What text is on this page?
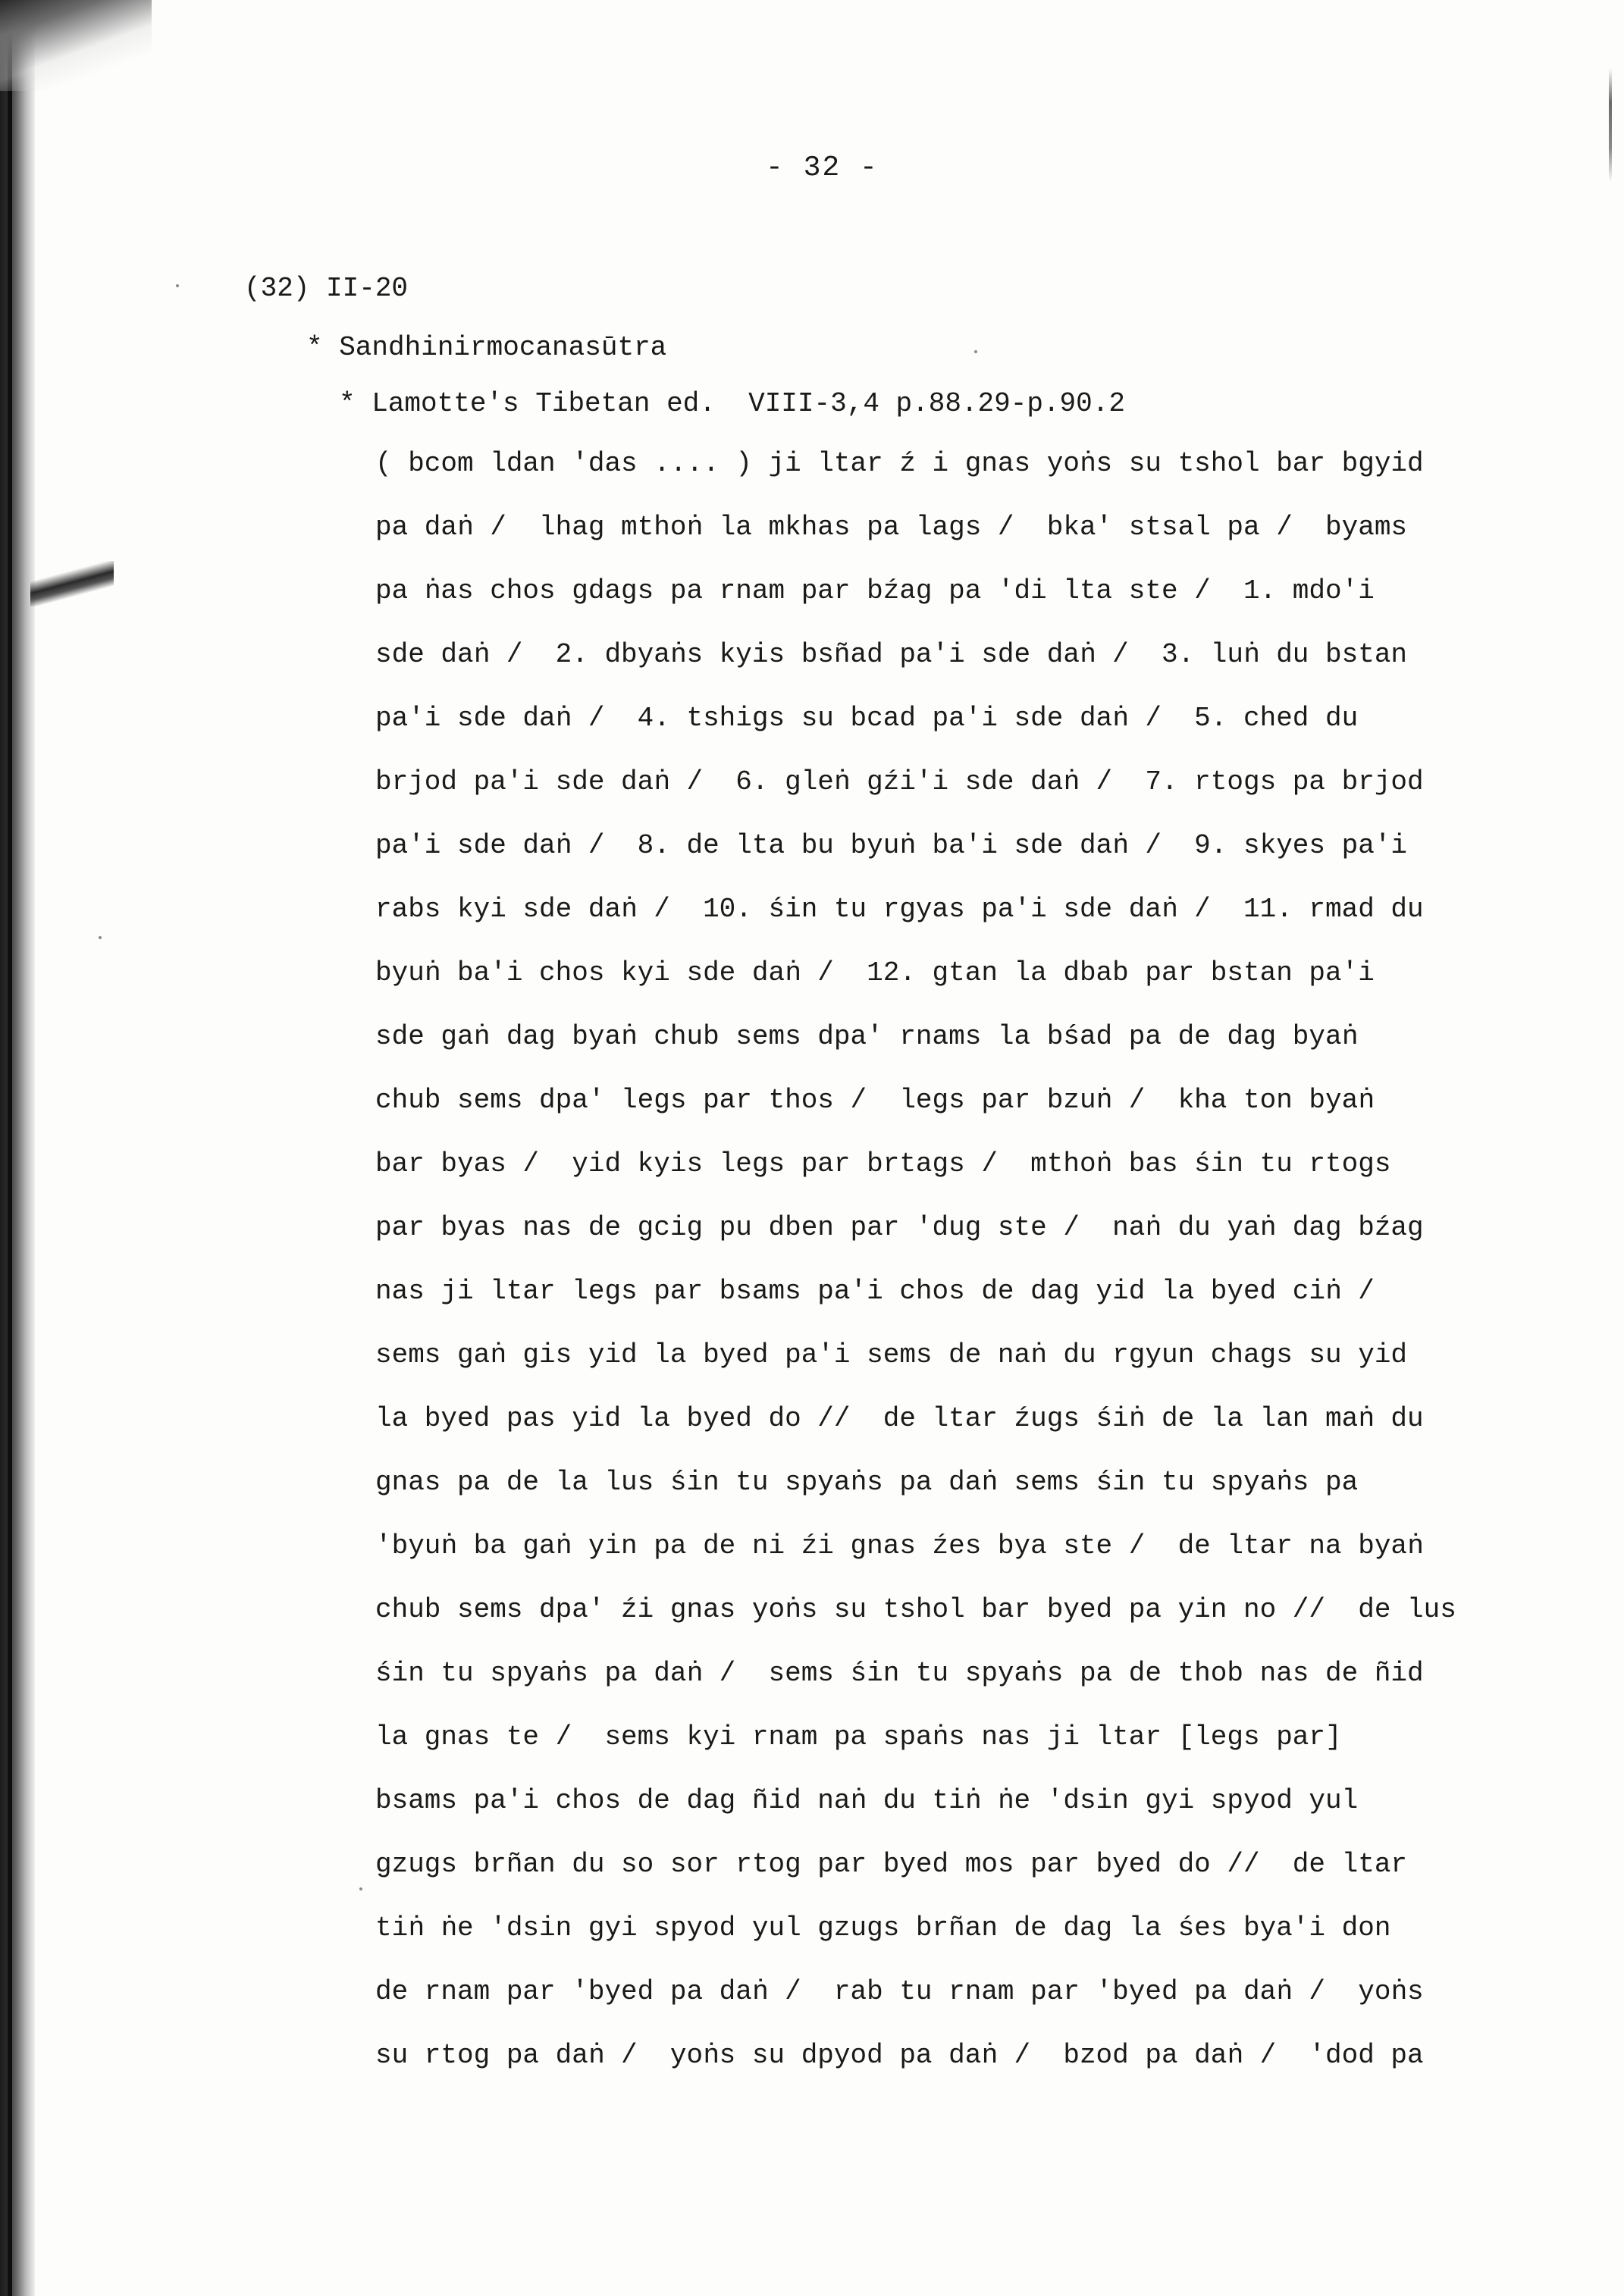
- 32 -
(32) II-20
* Sandhinirmocanasūtra
* Lamotte's Tibetan ed.  VIII-3,4 p.88.29-p.90.2
( bcom ldan 'das .... ) ji ltar ź i gnas yoṅs su tshol bar bgyid
pa daṅ /  lhag mthoṅ la mkhas pa lags /  bka' stsal pa /  byams
pa ṅas chos gdags pa rnam par bźag pa 'di lta ste /  1. mdo'i
sde daṅ /  2. dbyaṅs kyis bsñad pa'i sde daṅ /  3. luṅ du bstan
pa'i sde daṅ /  4. tshigs su bcad pa'i sde daṅ /  5. ched du
brjod pa'i sde daṅ /  6. gleṅ gźi'i sde daṅ /  7. rtogs pa brjod
pa'i sde daṅ /  8. de lta bu byuṅ ba'i sde daṅ /  9. skyes pa'i
rabs kyi sde daṅ /  10. śin tu rgyas pa'i sde daṅ /  11. rmad du
byuṅ ba'i chos kyi sde daṅ /  12. gtan la dbab par bstan pa'i
sde gaṅ dag byaṅ chub sems dpa' rnams la bśad pa de dag byaṅ
chub sems dpa' legs par thos /  legs par bzuṅ /  kha ton byaṅ
bar byas /  yid kyis legs par brtags /  mthoṅ bas śin tu rtogs
par byas nas de gcig pu dben par 'dug ste /  naṅ du yaṅ dag bźag
nas ji ltar legs par bsams pa'i chos de dag yid la byed ciṅ /
sems gaṅ gis yid la byed pa'i sems de naṅ du rgyun chags su yid
la byed pas yid la byed do //  de ltar źugs śiṅ de la lan maṅ du
gnas pa de la lus śin tu spyaṅs pa daṅ sems śin tu spyaṅs pa
'byuṅ ba gaṅ yin pa de ni źi gnas źes bya ste /  de ltar na byaṅ
chub sems dpa' źi gnas yoṅs su tshol bar byed pa yin no //  de lus
śin tu spyaṅs pa daṅ /  sems śin tu spyaṅs pa de thob nas de ñid
la gnas te /  sems kyi rnam pa spaṅs nas ji ltar [legs par]
bsams pa'i chos de dag ñid naṅ du tiṅ ṅe 'dsin gyi spyod yul
gzugs brñan du so sor rtog par byed mos par byed do //  de ltar
tiṅ ṅe 'dsin gyi spyod yul gzugs brñan de dag la śes bya'i don
de rnam par 'byed pa daṅ /  rab tu rnam par 'byed pa daṅ /  yoṅs
su rtog pa daṅ /  yoṅs su dpyod pa daṅ /  bzod pa daṅ /  'dod pa
